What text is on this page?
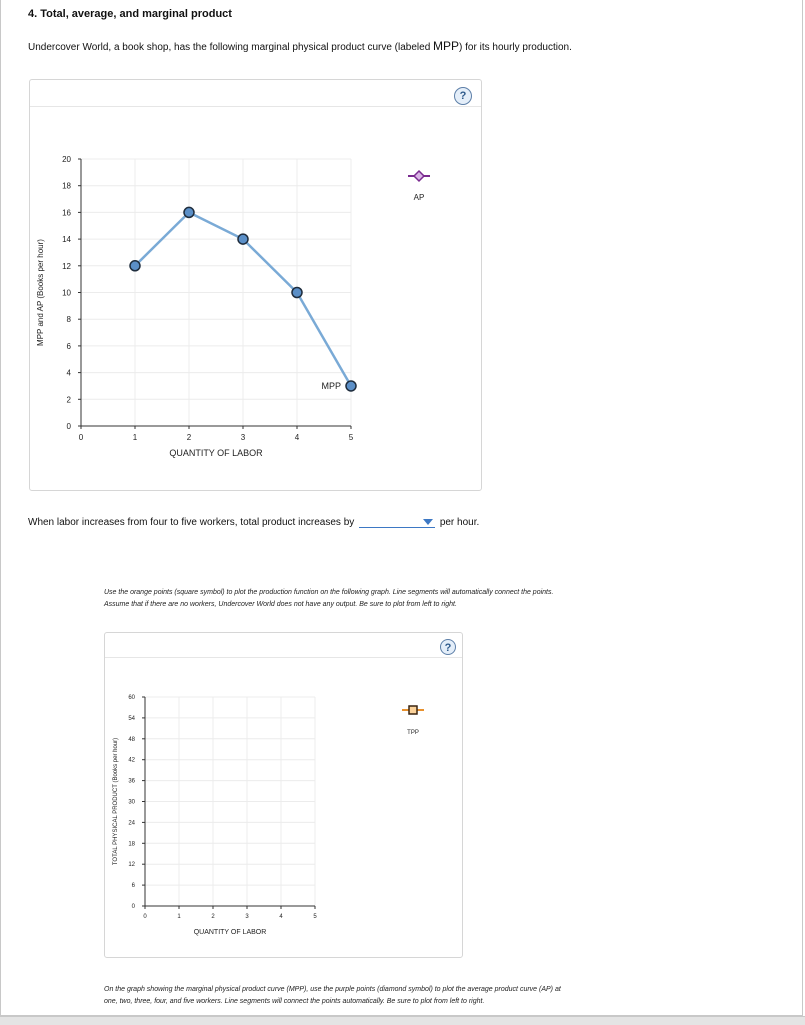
4. Total, average, and marginal product
Undercover World, a book shop, has the following marginal physical product curve (labeled MPP) for its hourly production.
?
0	1	2	3	4	5
0
2
4
6
8
10
12
14
16
18
20
QUANTITY OF LABOR
MPP and AP (Books per hour)
MPP
AP
When labor increases from four to five workers, total product increases by	per hour.
Use the orange points (square symbol) to plot the production function on the following graph. Line segments will automatically connect the points.
Assume that if there are no workers, Undercover World does not have any output. Be sure to plot from left to right.
?
0	1	2	3	4	5
0
6
12
18
24
30
36
42
48
54
60
QUANTITY OF LABOR
TOTAL PHYSICAL PRODUCT (Books per hour)
TPP
On the graph showing the marginal physical product curve (MPP), use the purple points (diamond symbol) to plot the average product curve (AP) at
one, two, three, four, and five workers. Line segments will connect the points automatically. Be sure to plot from left to right.
